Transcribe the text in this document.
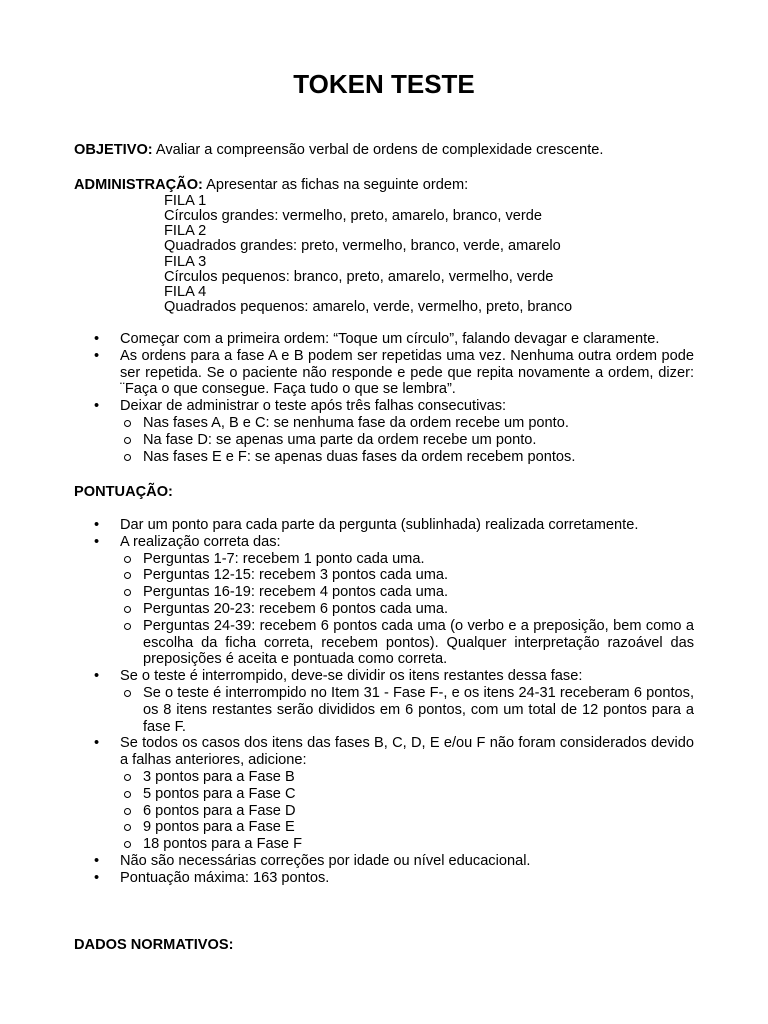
TOKEN TESTE

OBJETIVO: Avaliar a compreensão verbal de ordens de complexidade crescente.

ADMINISTRAÇÃO: Apresentar as fichas na seguinte ordem:
FILA 1
Círculos grandes: vermelho, preto, amarelo, branco, verde
FILA 2
Quadrados grandes: preto, vermelho, branco, verde, amarelo
FILA 3
Círculos pequenos: branco, preto, amarelo, vermelho, verde
FILA 4
Quadrados pequenos: amarelo, verde, vermelho, preto, branco
• Começar com a primeira ordem: “Toque um círculo”, falando devagar e claramente.
• As ordens para a fase A e B podem ser repetidas uma vez. Nenhuma outra ordem pode ser repetida. Se o paciente não responde e pede que repita novamente a ordem, dizer: ¨Faça o que consegue. Faça tudo o que se lembra”.
• Deixar de administrar o teste após três falhas consecutivas:
Nas fases A, B e C: se nenhuma fase da ordem recebe um ponto.
Na fase D: se apenas uma parte da ordem recebe um ponto.
Nas fases E e F: se apenas duas fases da ordem recebem pontos.
PONTUAÇÃO:
• Dar um ponto para cada parte da pergunta (sublinhada) realizada corretamente.
• A realização correta das:
Perguntas 1-7: recebem 1 ponto cada uma.
Perguntas 12-15: recebem 3 pontos cada uma.
Perguntas 16-19: recebem 4 pontos cada uma.
Perguntas 20-23: recebem 6 pontos cada uma.
Perguntas 24-39: recebem 6 pontos cada uma (o verbo e a preposição, bem como a escolha da ficha correta, recebem pontos). Qualquer interpretação razoável das preposições é aceita e pontuada como correta.
• Se o teste é interrompido, deve-se dividir os itens restantes dessa fase:
Se o teste é interrompido no Item 31 - Fase F-, e os itens 24-31 receberam 6 pontos, os 8 itens restantes serão divididos em 6 pontos, com um total de 12 pontos para a fase F.
• Se todos os casos dos itens das fases B, C, D, E e/ou F não foram considerados devido a falhas anteriores, adicione:
3 pontos para a Fase B
5 pontos para a Fase C
6 pontos para a Fase D
9 pontos para a Fase E
18 pontos para a Fase F
• Não são necessárias correções por idade ou nível educacional.
• Pontuação máxima: 163 pontos.
DADOS NORMATIVOS:
